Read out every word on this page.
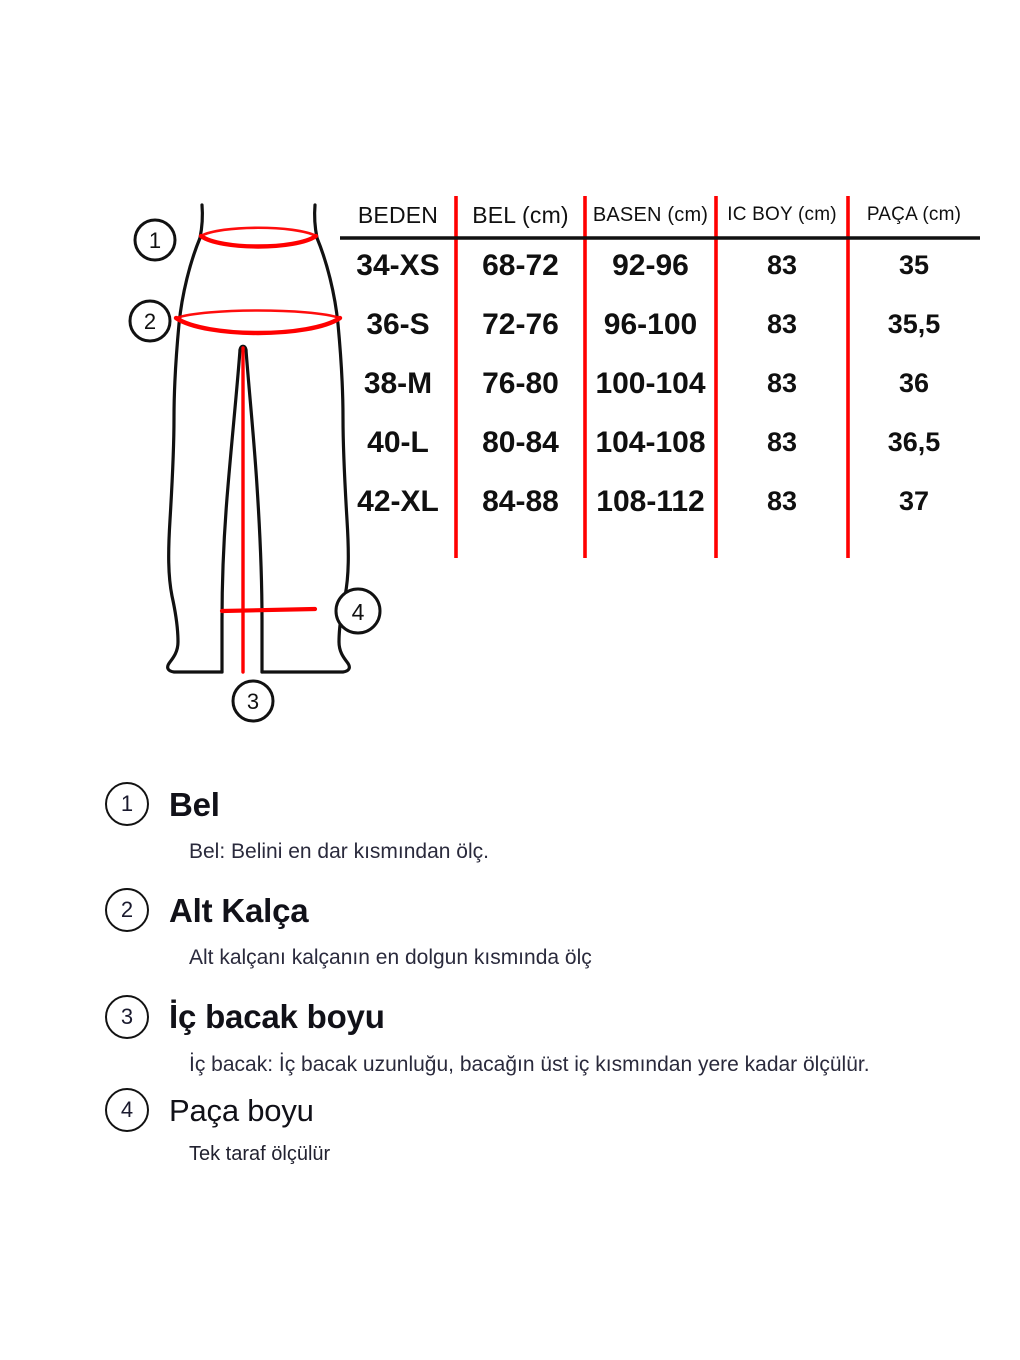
1
2
3
4
BEDEN	BEL (cm)	BASEN (cm)	IC BOY (cm)	PAÇA (cm)
34-XS	68-72	92-96	83	35
36-S	72-76	96-100	83	35,5
38-M	76-80	100-104	83	36
40-L	80-84	104-108	83	36,5
42-XL	84-88	108-112	83	37
1 Bel
Bel: Belini en dar kısmından ölç.
2 Alt Kalça
Alt kalçanı kalçanın en dolgun kısmında ölç
3 İç bacak boyu
İç bacak: İç bacak uzunluğu, bacağın üst iç kısmından yere kadar ölçülür.
4 Paça boyu
Tek taraf ölçülür
